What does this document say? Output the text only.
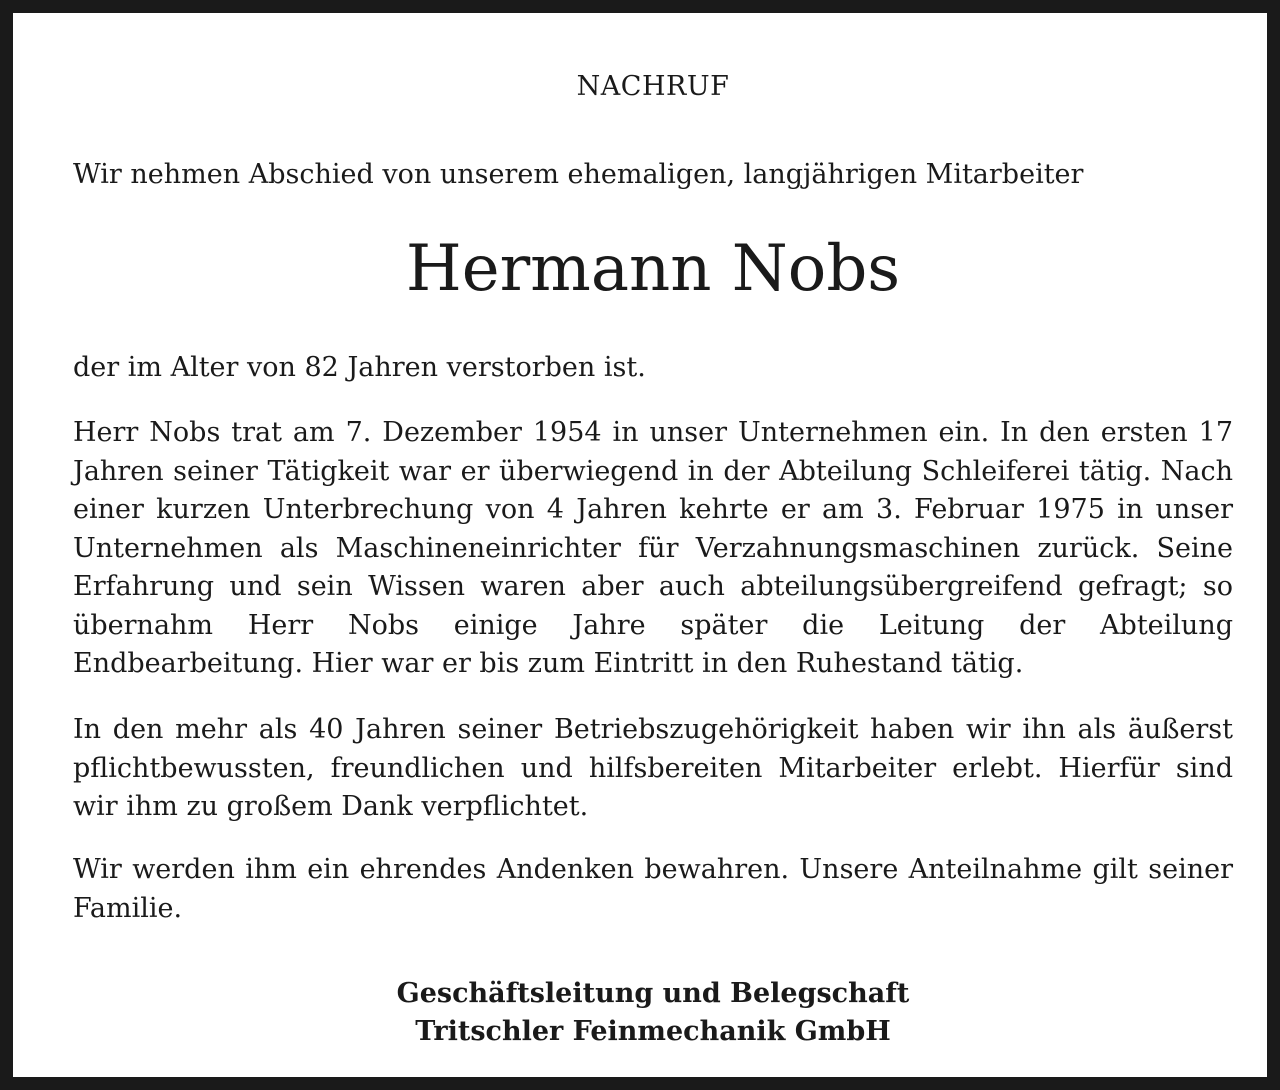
NACHRUF

Wir nehmen Abschied von unserem ehemaligen, langjährigen Mitarbeiter

Hermann Nobs

der im Alter von 82 Jahren verstorben ist.

Herr Nobs trat am 7. Dezember 1954 in unser Unternehmen ein. In den ersten 17 Jahren seiner Tätigkeit war er überwiegend in der Abteilung Schleiferei tätig. Nach einer kurzen Unterbrechung von 4 Jahren kehrte er am 3. Februar 1975 in unser Unternehmen als Maschineneinrichter für Verzahnungsmaschinen zurück. Seine Erfahrung und sein Wissen waren aber auch abteilungsübergreifend gefragt; so übernahm Herr Nobs einige Jahre später die Leitung der Abteilung Endbearbeitung. Hier war er bis zum Eintritt in den Ruhestand tätig.

In den mehr als 40 Jahren seiner Betriebszugehörigkeit haben wir ihn als äußerst pflichtbewussten, freundlichen und hilfsbereiten Mitarbeiter erlebt. Hierfür sind wir ihm zu großem Dank verpflichtet.

Wir werden ihm ein ehrendes Andenken bewahren. Unsere Anteilnahme gilt seiner Familie.

Geschäftsleitung und Belegschaft
Tritschler Feinmechanik GmbH
